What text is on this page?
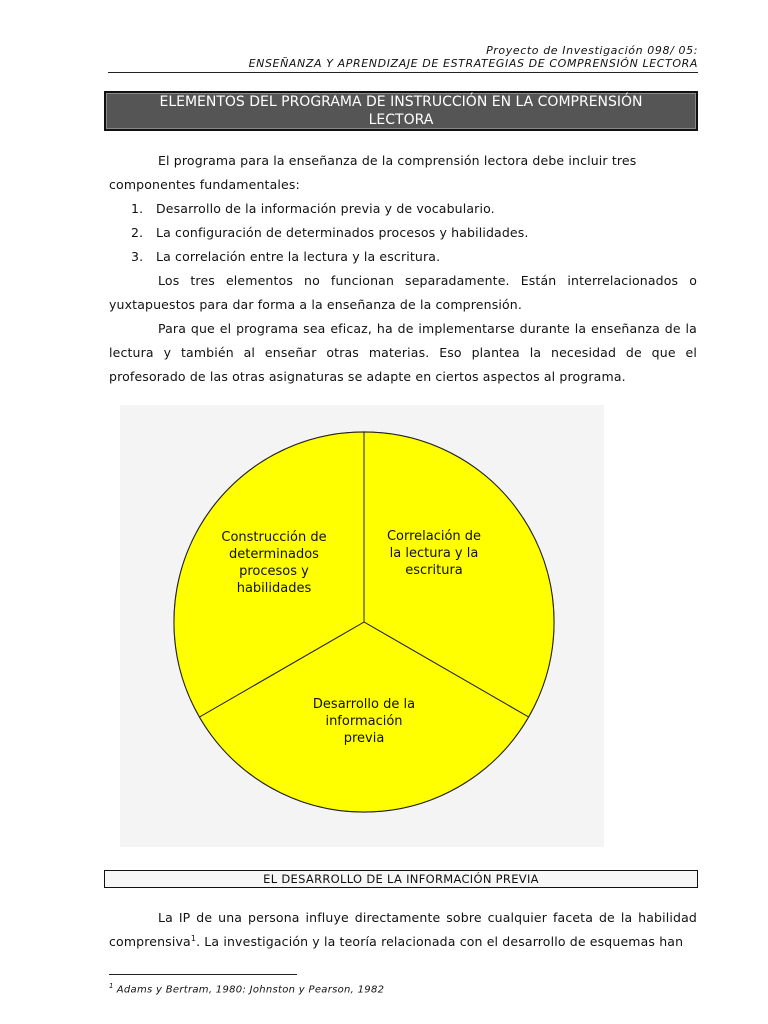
Proyecto de Investigación 098/ 05:
ENSEÑANZA Y APRENDIZAJE DE ESTRATEGIAS DE COMPRENSIÓN LECTORA
ELEMENTOS DEL PROGRAMA DE INSTRUCCIÓN EN LA COMPRENSIÓN
LECTORA
El programa para la enseñanza de la comprensión lectora debe incluir tres
componentes fundamentales:
1. Desarrollo de la información previa y de vocabulario.
2. La configuración de determinados procesos y habilidades.
3. La correlación entre la lectura y la escritura.
Los tres elementos no funcionan separadamente. Están interrelacionados o
yuxtapuestos para dar forma a la enseñanza de la comprensión.
Para que el programa sea eficaz, ha de implementarse durante la enseñanza de la
lectura y también al enseñar otras materias. Eso plantea la necesidad de que el
profesorado de las otras asignaturas se adapte en ciertos aspectos al programa.
Correlación de la lectura y la escritura
Desarrollo de la información previa
Construcción de determinados procesos y habilidades
EL DESARROLLO DE LA INFORMACIÓN PREVIA
La IP de una persona influye directamente sobre cualquier faceta de la habilidad
comprensiva$^1$. La investigación y la teoría relacionada con el desarrollo de esquemas han
$^1$ Adams y Bertram, 1980: Johnston y Pearson, 1982
